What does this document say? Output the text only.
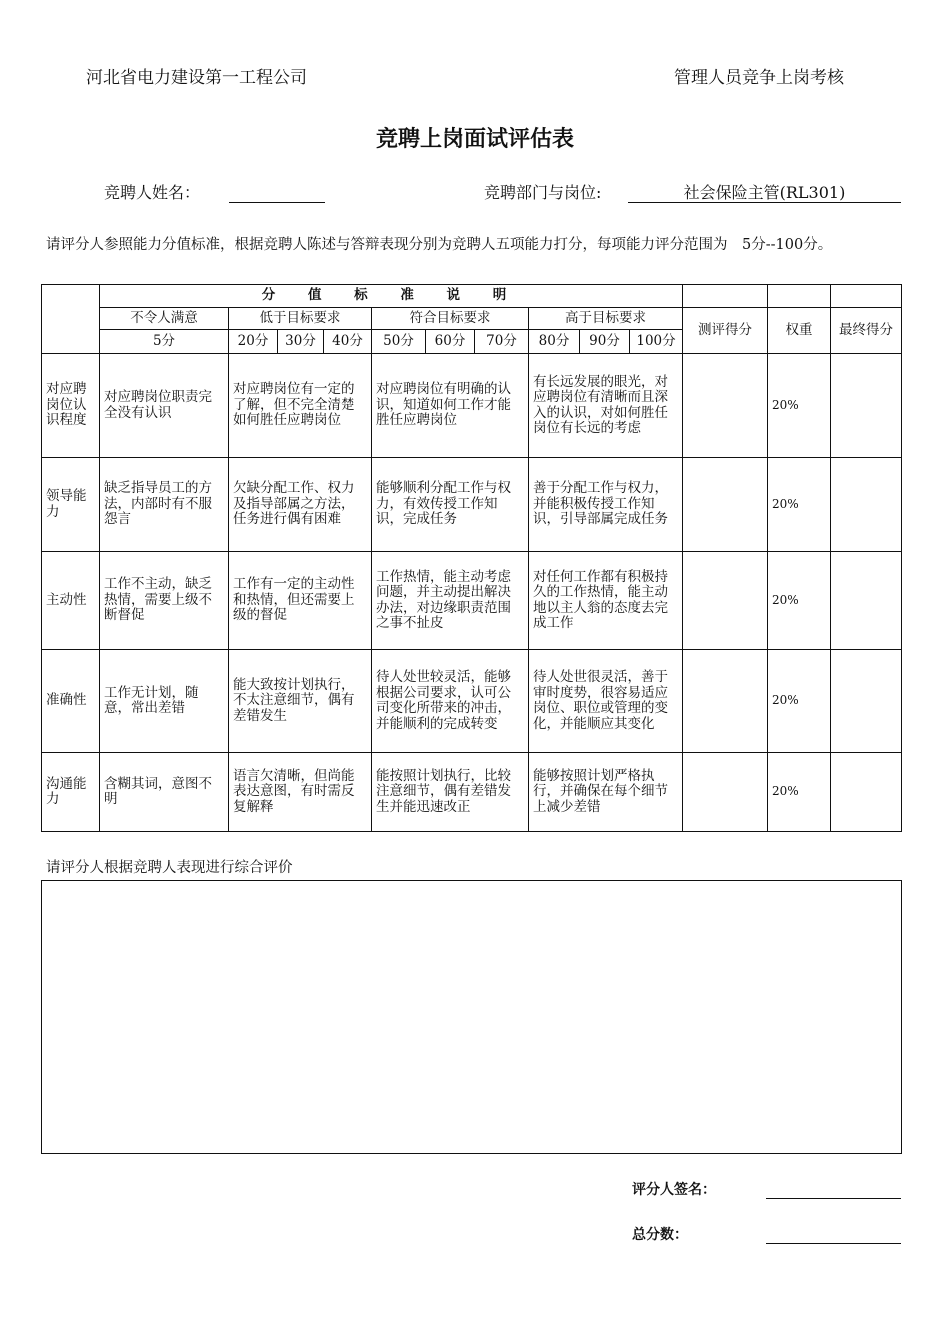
河北省电力建设第一工程公司	管理人员竞争上岗考核
竞聘上岗面试评估表
竞聘人姓名：	竞聘部门与岗位:	社会保险主管(RL301)
请评分人参照能力分值标准，根据竞聘人陈述与答辩表现分别为竞聘人五项能力打分，每项能力评分范围为　5分--100分。
	分 值 标 准 说 明												
	不令人满意	低于目标要求			符合目标要求			高于目标要求			测评得分	权重	最终得分
	5分	20分	30分	40分	50分	60分	70分	80分	90分	100分			
对应聘岗位认识程度	对应聘岗位职责完全没有认识	对应聘岗位有一定的了解，但不完全清楚如何胜任应聘岗位			对应聘岗位有明确的认识，知道如何工作才能胜任应聘岗位			有长远发展的眼光，对应聘岗位有清晰而且深入的认识，对如何胜任岗位有长远的考虑				20%	
领导能力	缺乏指导员工的方法，内部时有不服怨言	欠缺分配工作、权力及指导部属之方法，任务进行偶有困难			能够顺利分配工作与权力，有效传授工作知识，完成任务			善于分配工作与权力，并能积极传授工作知识，引导部属完成任务				20%	
主动性	工作不主动，缺乏热情，需要上级不断督促	工作有一定的主动性和热情，但还需要上级的督促			工作热情，能主动考虑问题，并主动提出解决办法，对边缘职责范围之事不扯皮			对任何工作都有积极持久的工作热情，能主动地以主人翁的态度去完成工作				20%	
准确性	工作无计划，随意，常出差错	能大致按计划执行，不太注意细节，偶有差错发生			待人处世较灵活，能够根据公司要求，认可公司变化所带来的冲击，并能顺利的完成转变			待人处世很灵活，善于审时度势，很容易适应岗位、职位或管理的变化，并能顺应其变化				20%	
沟通能力	含糊其词，意图不明	语言欠清晰，但尚能表达意图，有时需反复解释			能按照计划执行，比较注意细节，偶有差错发生并能迅速改正			能够按照计划严格执行，并确保在每个细节上减少差错				20%	
请评分人根据竞聘人表现进行综合评价
评分人签名：
总分数：
